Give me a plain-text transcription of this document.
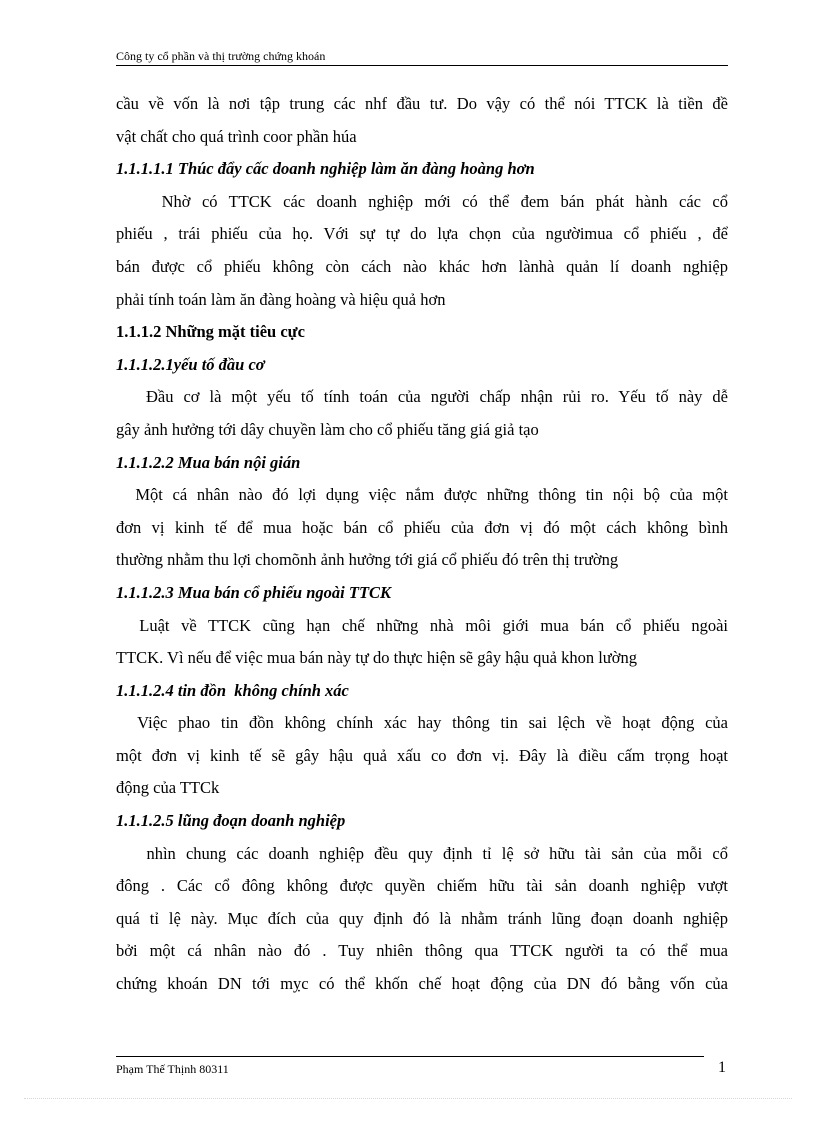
Công ty cổ phần và thị trường chứng khoán
cầu về vốn là nơi tập trung các nhf đầu tư. Do vậy có thể nói TTCK là tiền đề
vật chất cho quá trình coor phần húa
1.1.1.1.1 Thúc đẩy cấc doanh nghiệp làm ăn đàng hoàng hơn
Nhờ có TTCK các doanh nghiệp mới có thể đem bán phát hành các cổ
phiếu , trái phiếu của họ. Với sự tự do lựa chọn của ngườimua cổ phiếu , để
bán được cổ phiếu không còn cách nào khác hơn lànhà quản lí doanh nghiệp
phải tính toán làm ăn đàng hoàng và hiệu quả hơn
1.1.1.2 Những mặt tiêu cực
1.1.1.2.1yếu tố đầu cơ
Đầu cơ là một yếu tố tính toán của người chấp nhận rủi ro. Yếu tố này dễ
gây ảnh hưởng tới dây chuyền làm cho cổ phiếu tăng giá giả tạo
1.1.1.2.2 Mua bán nội gián
Một cá nhân nào đó lợi dụng việc nắm được những thông tin nội bộ của một
đơn vị kinh tế để mua hoặc bán cổ phiếu của đơn vị đó một cách không bình
thường nhằm thu lợi chomõnh ảnh hưởng tới giá cổ phiếu đó trên thị trường
1.1.1.2.3 Mua bán cổ phiếu ngoài TTCK
Luật về TTCK cũng hạn chế những nhà môi giới mua bán cổ phiếu ngoài
TTCK. Vì nếu để việc mua bán này tự do thực hiện sẽ gây hậu quả khon lường
1.1.1.2.4 tin đồn  không chính xác
Việc phao tin đồn không chính xác hay thông tin sai lệch về hoạt động của
một đơn vị kinh tế sẽ gây hậu quả xấu co đơn vị. Đây là điều cấm trọng hoạt
động của TTCk
1.1.1.2.5 lũng đoạn doanh nghiệp
nhìn chung các doanh nghiệp đều quy định tỉ lệ sở hữu tài sản của mỗi cổ
đông . Các cổ đông không được quyền chiếm hữu tài sản doanh nghiệp vượt
quá tỉ lệ này. Mục đích của quy định đó là nhằm tránh lũng đoạn doanh nghiệp
bởi một cá nhân nào đó . Tuy nhiên thông qua TTCK người ta có thể mua
chứng khoán DN tới mỵc có thể khốn chế hoạt động của DN đó bằng vốn của
Phạm Thế Thịnh 80311	1
